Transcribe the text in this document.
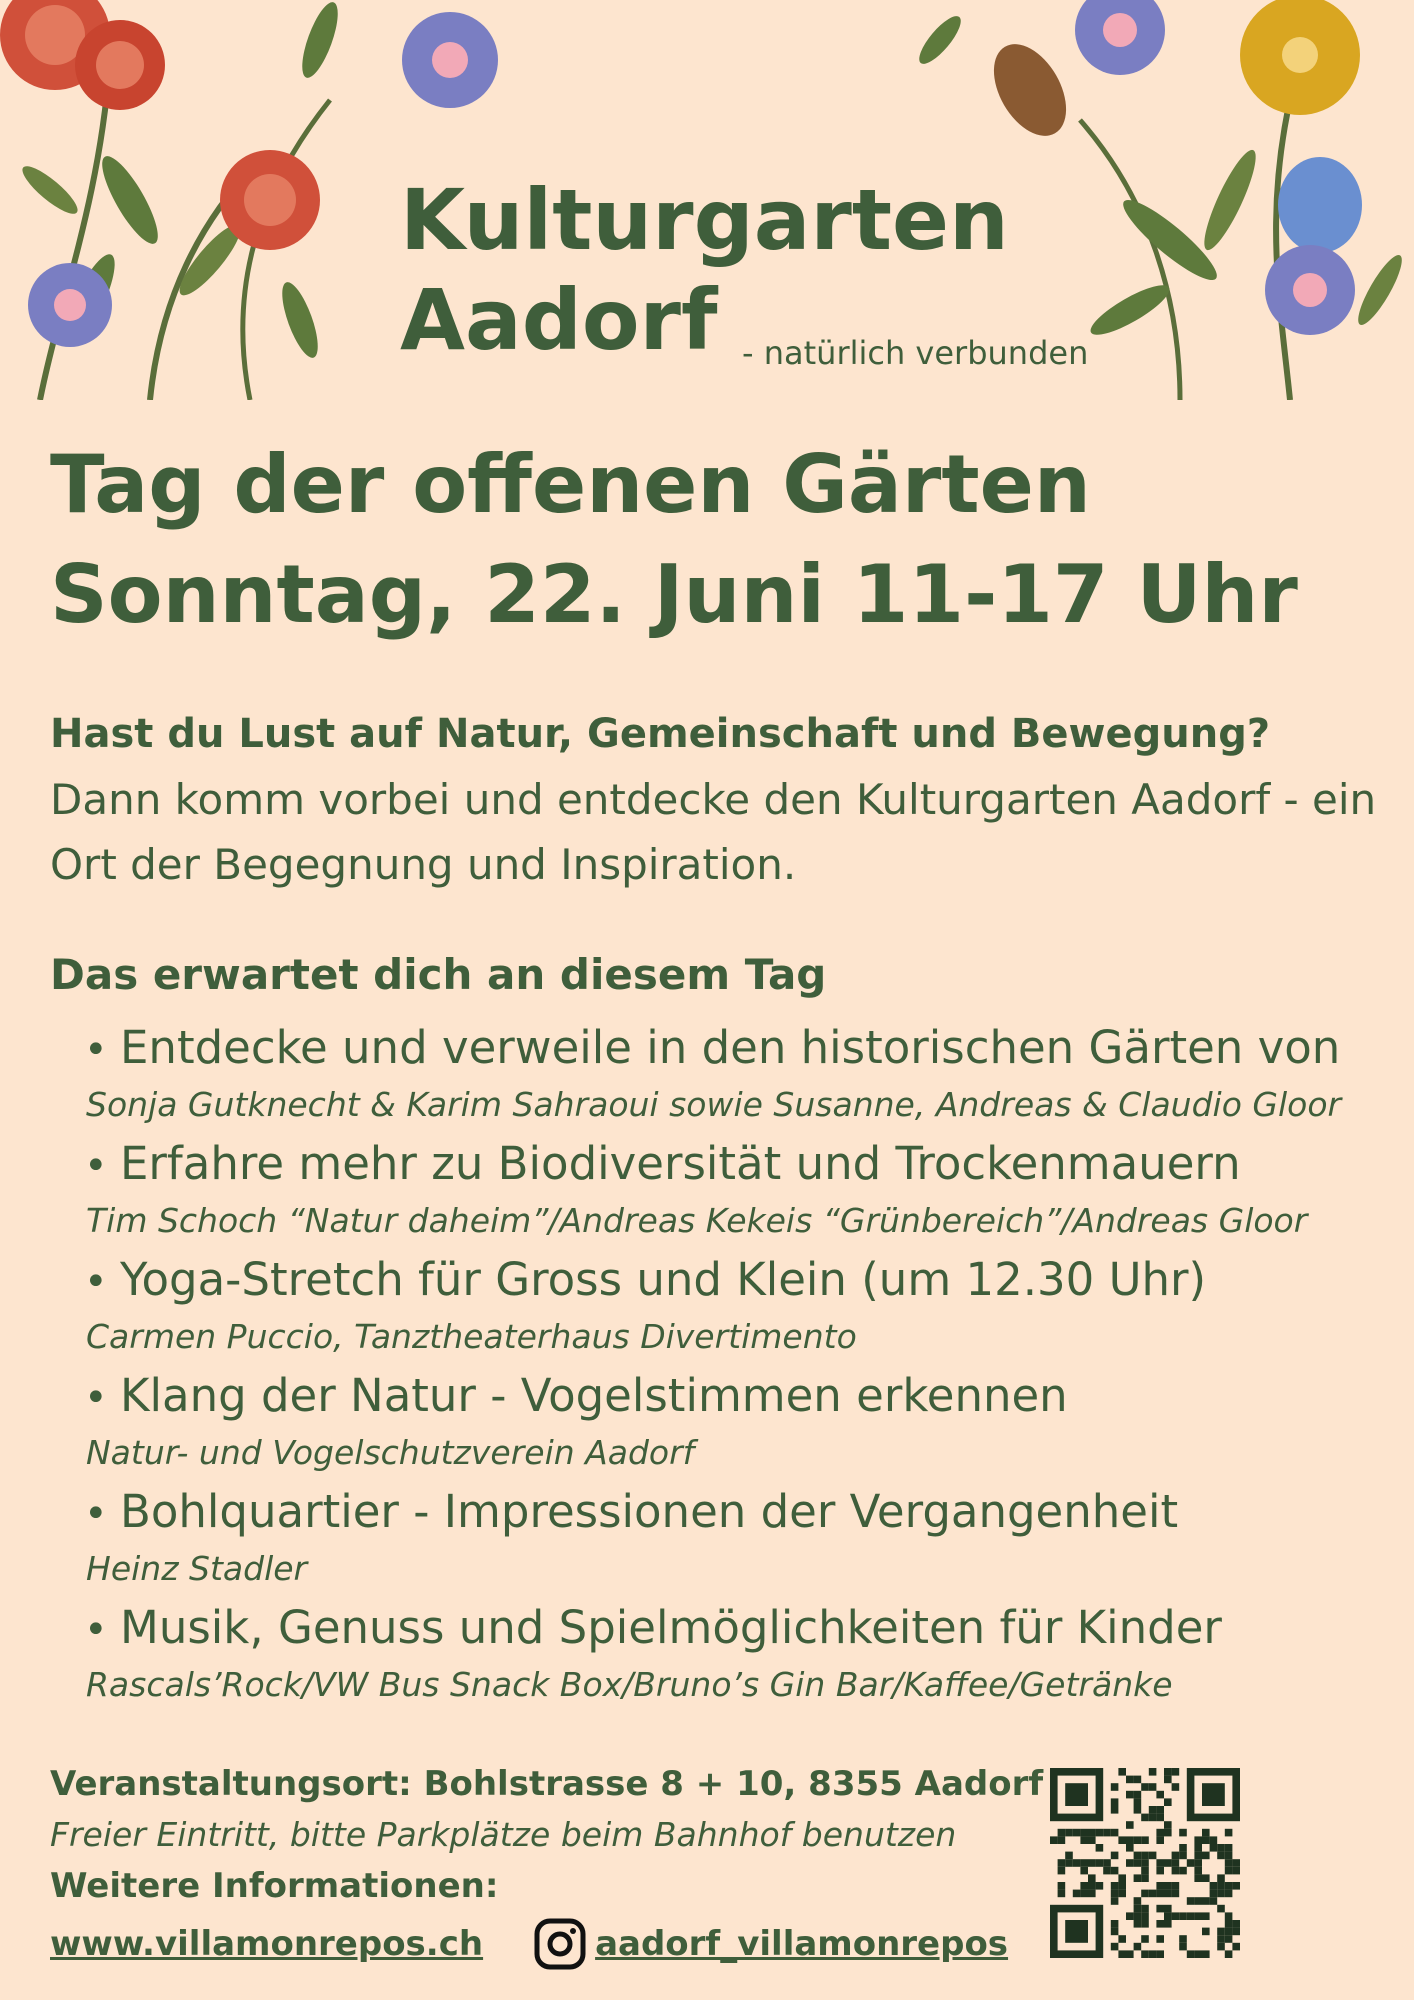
Kulturgarten
Aadorf - natürlich verbunden
Tag der offenen Gärten
Sonntag, 22. Juni 11-17 Uhr
Hast du Lust auf Natur, Gemeinschaft und Bewegung?
Dann komm vorbei und entdecke den Kulturgarten Aadorf - ein Ort der Begegnung und Inspiration.
Das erwartet dich an diesem Tag
• Entdecke und verweile in den historischen Gärten von
Sonja Gutknecht & Karim Sahraoui sowie Susanne, Andreas & Claudio Gloor
• Erfahre mehr zu Biodiversität und Trockenmauern
Tim Schoch “Natur daheim”/Andreas Kekeis “Grünbereich”/Andreas Gloor
• Yoga-Stretch für Gross und Klein (um 12.30 Uhr)
Carmen Puccio, Tanztheaterhaus Divertimento
• Klang der Natur - Vogelstimmen erkennen
Natur- und Vogelschutzverein Aadorf
• Bohlquartier - Impressionen der Vergangenheit
Heinz Stadler
• Musik, Genuss und Spielmöglichkeiten für Kinder
Rascals’Rock/VW Bus Snack Box/Bruno’s Gin Bar/Kaffee/Getränke
Veranstaltungsort: Bohlstrasse 8 + 10, 8355 Aadorf
Freier Eintritt, bitte Parkplätze beim Bahnhof benutzen
Weitere Informationen:
www.villamonrepos.ch	aadorf_villamonrepos
